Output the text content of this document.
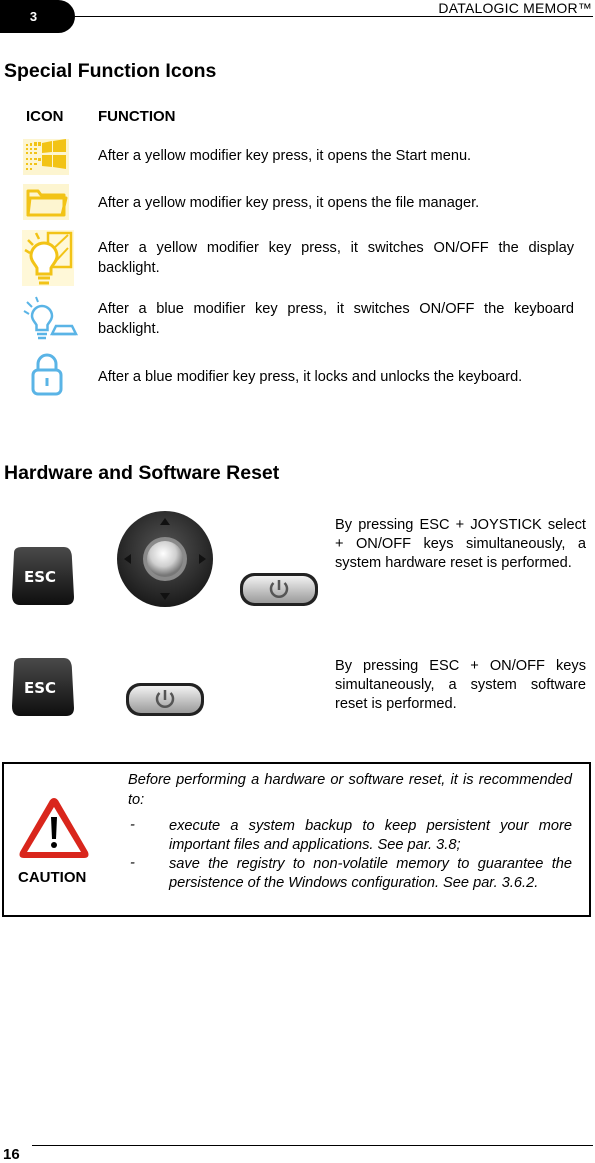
3
DATALOGIC MEMOR™
Special Function Icons
ICON FUNCTION
After a yellow modifier key press, it opens the Start menu.
After a yellow modifier key press, it opens the file manager.
After a yellow modifier key press, it switches ON/OFF the display backlight.
After a blue modifier key press, it switches ON/OFF the keyboard backlight.
After a blue modifier key press, it locks and unlocks the keyboard.
Hardware and Software Reset
ESC
By pressing ESC + JOYSTICK select + ON/OFF keys simultaneously, a system hardware reset is performed.
ESC
By pressing ESC + ON/OFF keys simultaneously, a system software reset is performed.
CAUTION
Before performing a hardware or software reset, it is recommended to:
- execute a system backup to keep persistent your more important files and applications. See par. 3.8;
- save the registry to non-volatile memory to guarantee the persistence of the Windows configuration. See par. 3.6.2.
16
